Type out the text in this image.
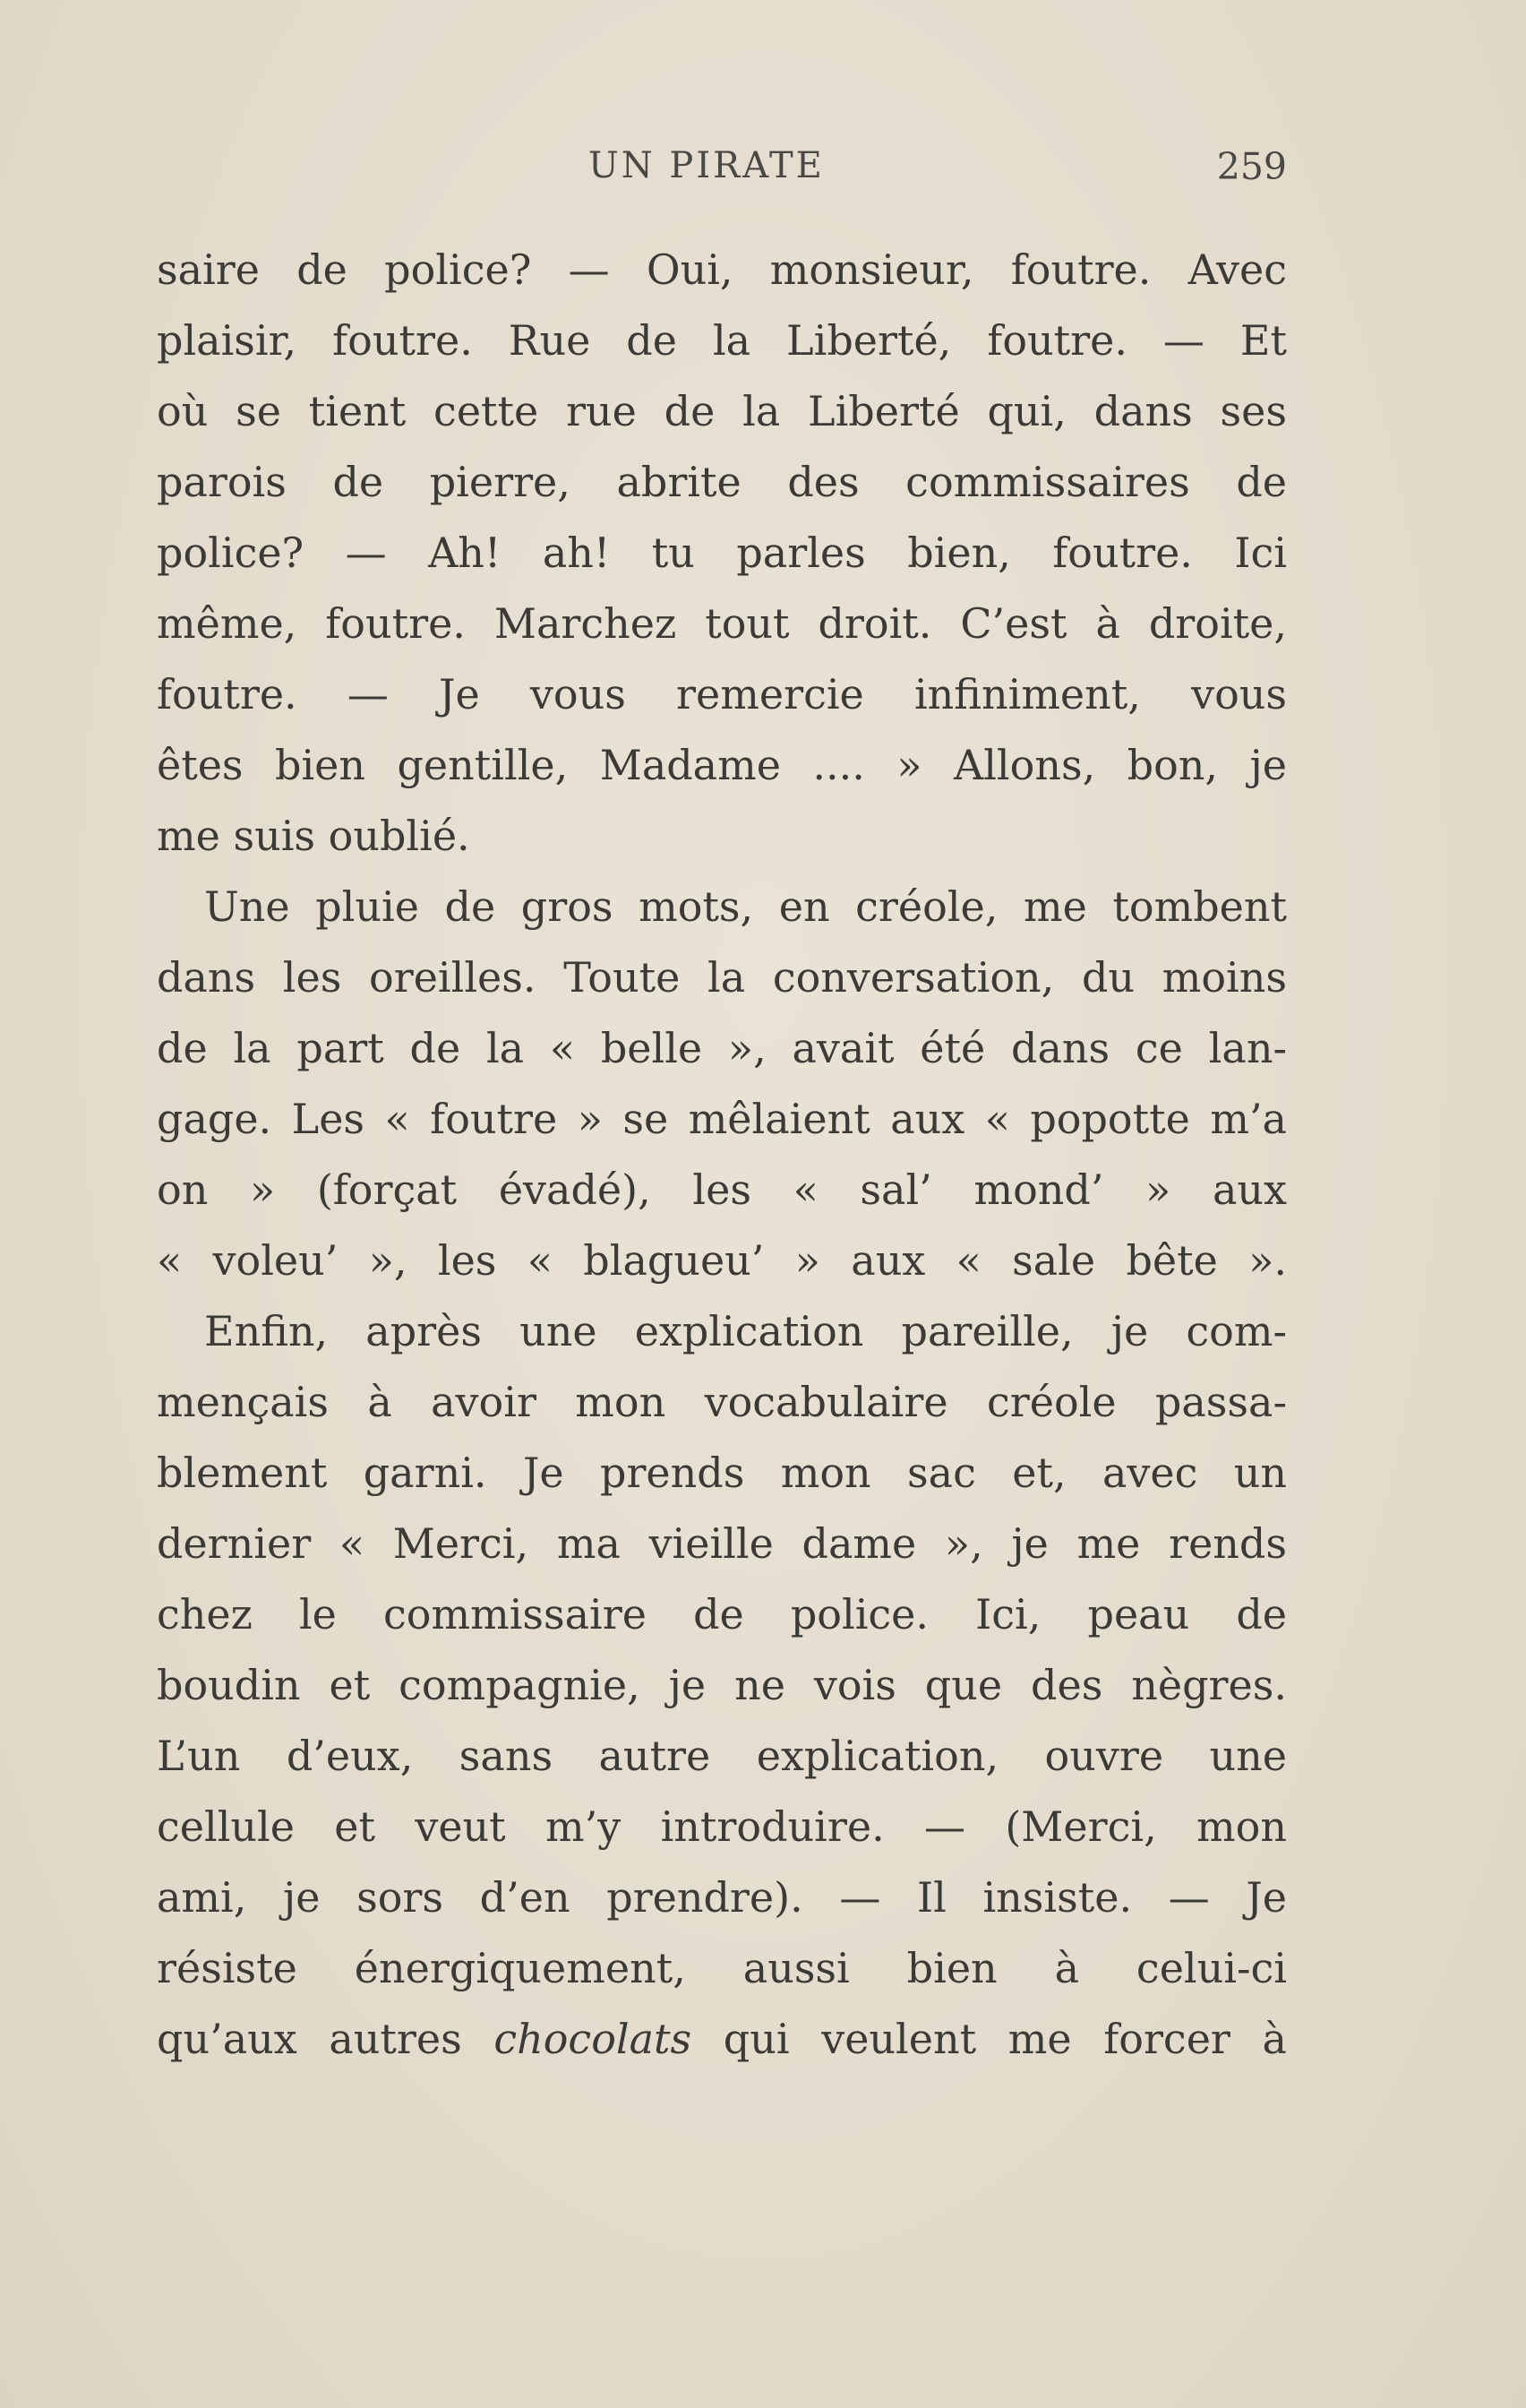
UN PIRATE	259
saire de police? — Oui, monsieur, foutre. Avec
plaisir, foutre. Rue de la Liberté, foutre. — Et
où se tient cette rue de la Liberté qui, dans ses
parois de pierre, abrite des commissaires de
police? — Ah! ah! tu parles bien, foutre. Ici
même, foutre. Marchez tout droit. C’est à droite,
foutre. — Je vous remercie infiniment, vous
êtes bien gentille, Madame .... » Allons, bon, je
me suis oublié.
Une pluie de gros mots, en créole, me tombent
dans les oreilles. Toute la conversation, du moins
de la part de la « belle », avait été dans ce lan-
gage. Les « foutre » se mêlaient aux « popotte m’a
on » (forçat évadé), les « sal’ mond’ » aux
« voleu’ », les « blagueu’ » aux « sale bête ».
Enfin, après une explication pareille, je com-
mençais à avoir mon vocabulaire créole passa-
blement garni. Je prends mon sac et, avec un
dernier « Merci, ma vieille dame », je me rends
chez le commissaire de police. Ici, peau de
boudin et compagnie, je ne vois que des nègres.
L’un d’eux, sans autre explication, ouvre une
cellule et veut m’y introduire. — (Merci, mon
ami, je sors d’en prendre). — Il insiste. — Je
résiste énergiquement, aussi bien à celui-ci
qu’aux autres chocolats qui veulent me forcer à
